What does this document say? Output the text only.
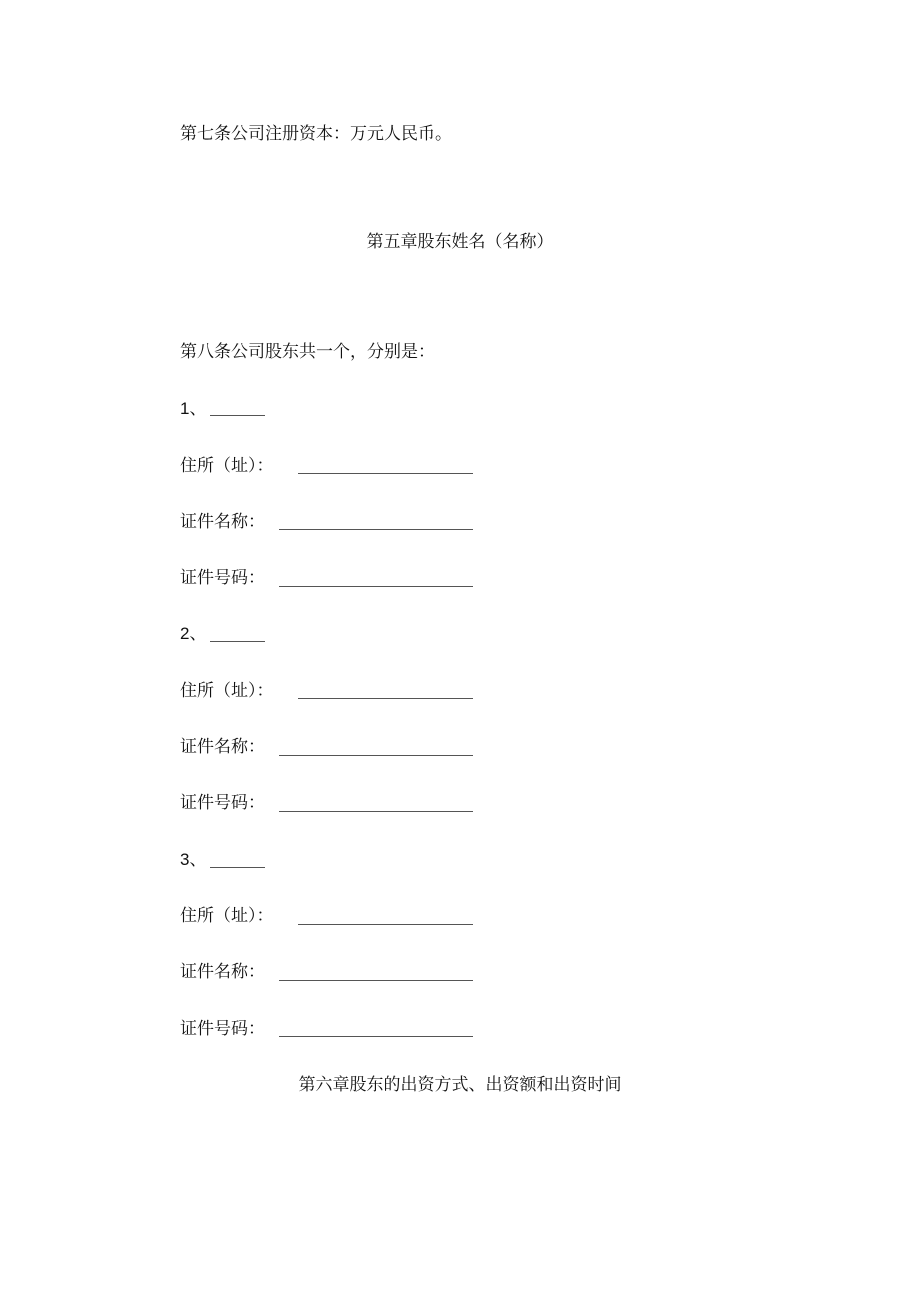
第七条公司注册资本：万元人民币。
第五章股东姓名（名称）
第八条公司股东共一个，分别是：
1、
住所（址）：
证件名称：
证件号码：
2、
住所（址）：
证件名称：
证件号码：
3、
住所（址）：
证件名称：
证件号码：
第六章股东的出资方式、出资额和出资时间
